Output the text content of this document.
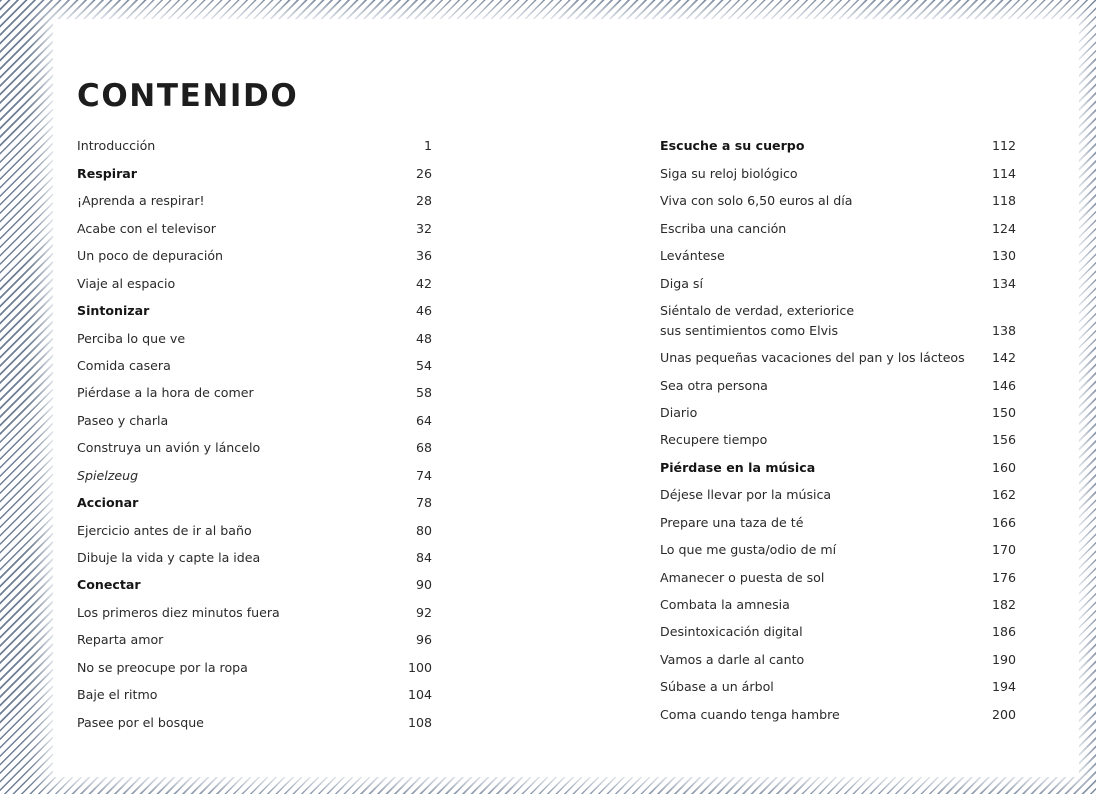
CONTENIDO
Introducción	1
Respirar	26
¡Aprenda a respirar!	28
Acabe con el televisor	32
Un poco de depuración	36
Viaje al espacio	42
Sintonizar	46
Perciba lo que ve	48
Comida casera	54
Piérdase a la hora de comer	58
Paseo y charla	64
Construya un avión y láncelo	68
Spielzeug	74
Accionar	78
Ejercicio antes de ir al baño	80
Dibuje la vida y capte la idea	84
Conectar	90
Los primeros diez minutos fuera	92
Reparta amor	96
No se preocupe por la ropa	100
Baje el ritmo	104
Pasee por el bosque	108
Escuche a su cuerpo	112
Siga su reloj biológico	114
Viva con solo 6,50 euros al día	118
Escriba una canción	124
Levántese	130
Diga sí	134
Siéntalo de verdad, exteriorice
sus sentimientos como Elvis	138
Unas pequeñas vacaciones del pan y los lácteos 142
Sea otra persona	146
Diario	150
Recupere tiempo	156
Piérdase en la música	160
Déjese llevar por la música	162
Prepare una taza de té	166
Lo que me gusta/odio de mí	170
Amanecer o puesta de sol	176
Combata la amnesia	182
Desintoxicación digital	186
Vamos a darle al canto	190
Súbase a un árbol	194
Coma cuando tenga hambre	200
